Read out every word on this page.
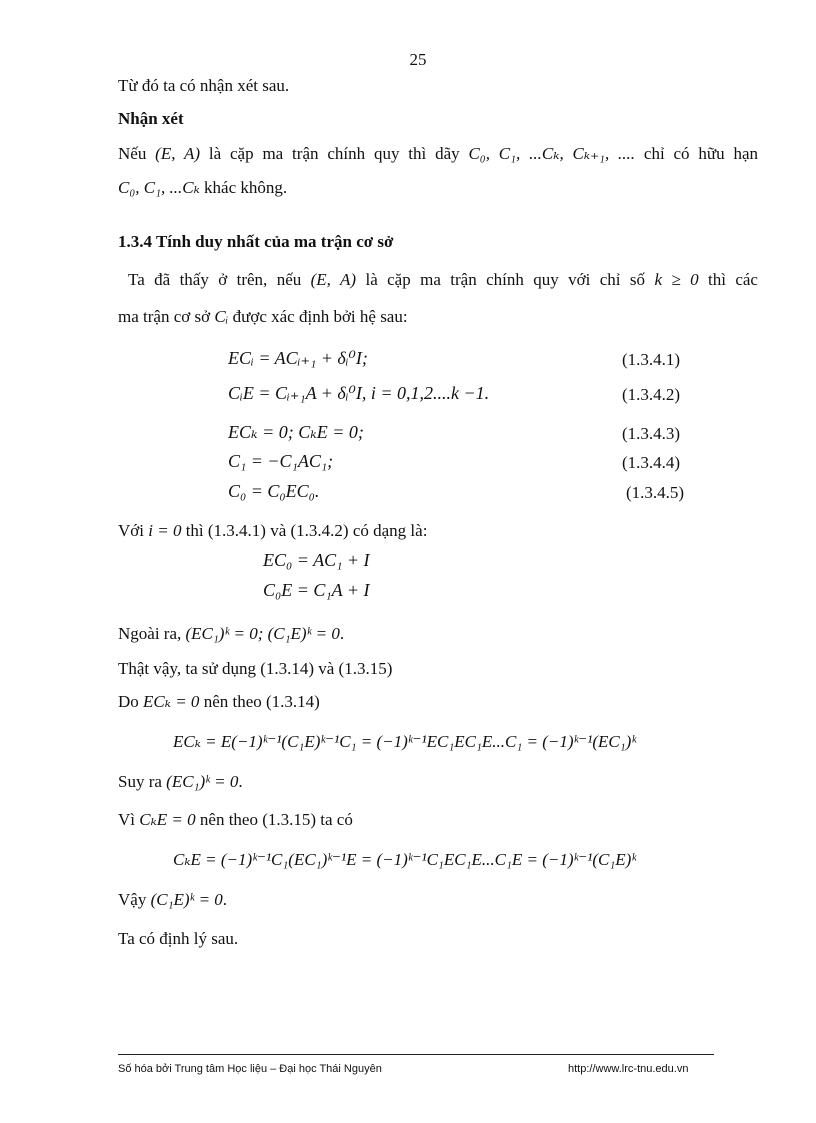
25
Từ đó ta có nhận xét sau.
Nhận xét
Nếu (E, A) là cặp ma trận chính quy thì dãy C₀, C₁, ...Cₖ, Cₖ₊₁, .... chỉ có hữu hạn
C₀, C₁, ...Cₖ khác không.
1.3.4 Tính duy nhất của ma trận cơ sở
Ta đã thấy ở trên, nếu (E, A) là cặp ma trận chính quy với chỉ số k ≥ 0 thì các
ma trận cơ sở Cᵢ được xác định bởi hệ sau:
ECᵢ = ACᵢ₊₁ + δᵢ⁰I;	(1.3.4.1)
CᵢE = Cᵢ₊₁A + δᵢ⁰I, i = 0,1,2....k −1.	(1.3.4.2)
ECₖ = 0; CₖE = 0;	(1.3.4.3)
C₁ = −C₁AC₁;	(1.3.4.4)
C₀ = C₀EC₀.	(1.3.4.5)
Với i = 0 thì (1.3.4.1) và (1.3.4.2) có dạng là:
EC₀ = AC₁ + I
C₀E = C₁A + I
Ngoài ra, (EC₁)ᵏ = 0; (C₁E)ᵏ = 0.
Thật vậy, ta sử dụng (1.3.14) và (1.3.15)
Do ECₖ = 0 nên theo (1.3.14)
ECₖ = E(−1)ᵏ⁻¹(C₁E)ᵏ⁻¹C₁ = (−1)ᵏ⁻¹EC₁EC₁E...C₁ = (−1)ᵏ⁻¹(EC₁)ᵏ
Suy ra (EC₁)ᵏ = 0.
Vì CₖE = 0 nên theo (1.3.15) ta có
CₖE = (−1)ᵏ⁻¹C₁(EC₁)ᵏ⁻¹E = (−1)ᵏ⁻¹C₁EC₁E...C₁E = (−1)ᵏ⁻¹(C₁E)ᵏ
Vậy (C₁E)ᵏ = 0.
Ta có định lý sau.
Số hóa bởi Trung tâm Học liệu – Đại học Thái Nguyên	http://www.lrc-tnu.edu.vn
